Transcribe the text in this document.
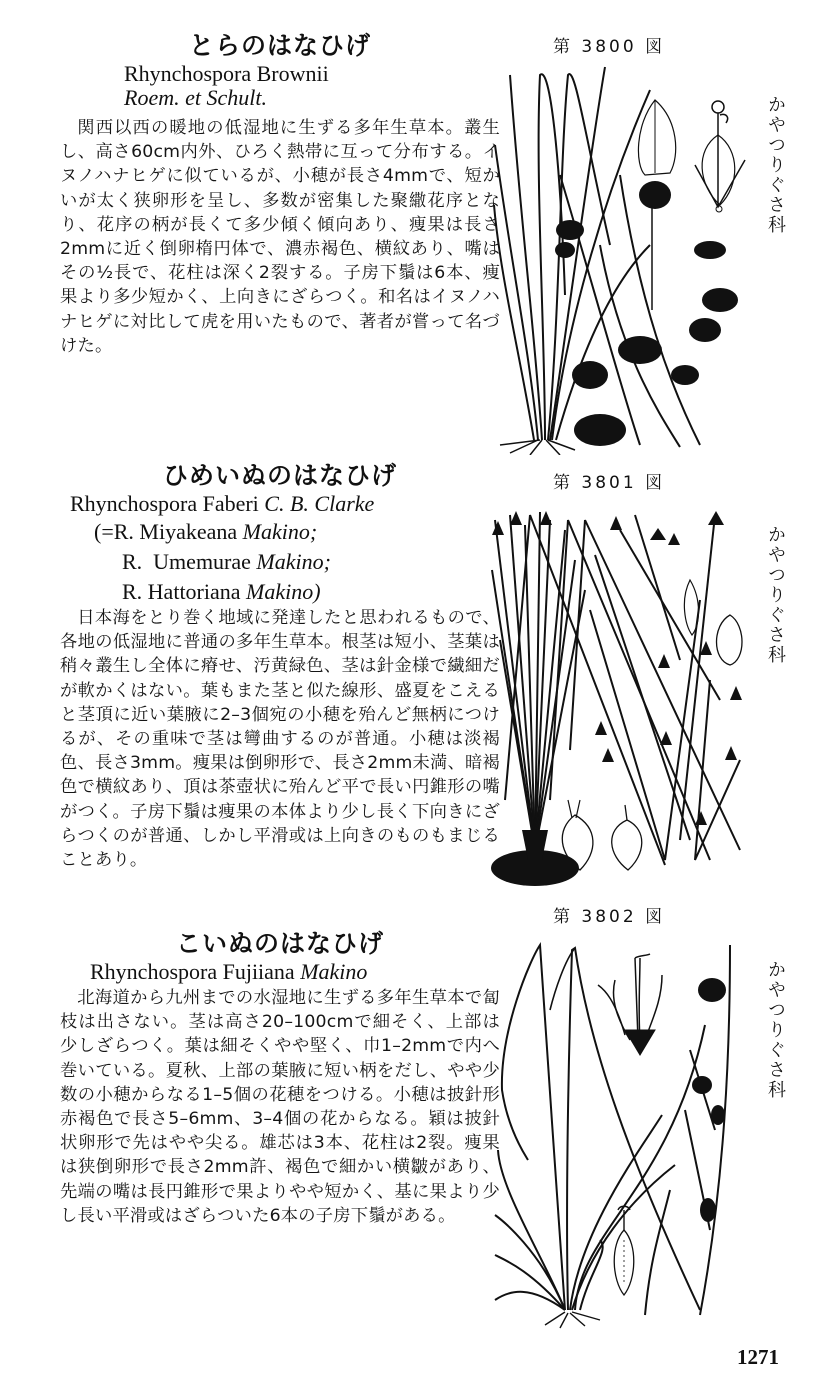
とらのはなひげ

Rhynchospora Brownii

Roem. et Schult.

関西以西の暖地の低湿地に生ずる多年生草本。叢生し、高さ60cm内外、ひろく熱帯に互って分布する。イヌノハナヒゲに似ているが、小穂が長さ4mmで、短かいが太く狭卵形を呈し、多数が密集した聚繖花序となり、花序の柄が長くて多少傾く傾向あり、痩果は長さ2mmに近く倒卵楕円体で、濃赤褐色、横紋あり、嘴はその½長で、花柱は深く2裂する。子房下鬚は6本、痩果より多少短かく、上向きにざらつく。和名はイヌノハナヒゲに対比して虎を用いたもので、著者が嘗って名づけた。

ひめいぬのはなひげ

Rhynchospora Faberi C. B. Clarke

(=R. Miyakeana Makino;

R.  Umemurae Makino;

R. Hattoriana Makino)

日本海をとり巻く地域に発達したと思われるもので、各地の低湿地に普通の多年生草本。根茎は短小、茎葉は稍々叢生し全体に瘠せ、汚黄緑色、茎は針金様で繊細だが軟かくはない。葉もまた茎と似た線形、盛夏をこえると茎頂に近い葉腋に2–3個宛の小穂を殆んど無柄につけるが、その重味で茎は彎曲するのが普通。小穂は淡褐色、長さ3mm。痩果は倒卵形で、長さ2mm未満、暗褐色で横紋あり、頂は茶壺状に殆んど平で長い円錐形の嘴がつく。子房下鬚は痩果の本体より少し長く下向きにざらつくのが普通、しかし平滑或は上向きのものもまじることあり。

こいぬのはなひげ

Rhynchospora Fujiiana Makino

北海道から九州までの水湿地に生ずる多年生草本で匐枝は出さない。茎は高さ20–100cmで細そく、上部は少しざらつく。葉は細そくやや堅く、巾1–2mmで内へ巻いている。夏秋、上部の葉腋に短い柄をだし、やや少数の小穂からなる1–5個の花穂をつける。小穂は披針形赤褐色で長さ5–6mm、3–4個の花からなる。穎は披針状卵形で先はやや尖る。雄芯は3本、花柱は2裂。痩果は狭倒卵形で長さ2mm許、褐色で細かい横皺があり、先端の嘴は長円錐形で果よりやや短かく、基に果より少し長い平滑或はざらついた6本の子房下鬚がある。

第 3800 図
第 3801 図
第 3802 図
かやつりぐさ科
かやつりぐさ科
かやつりぐさ科
1271
